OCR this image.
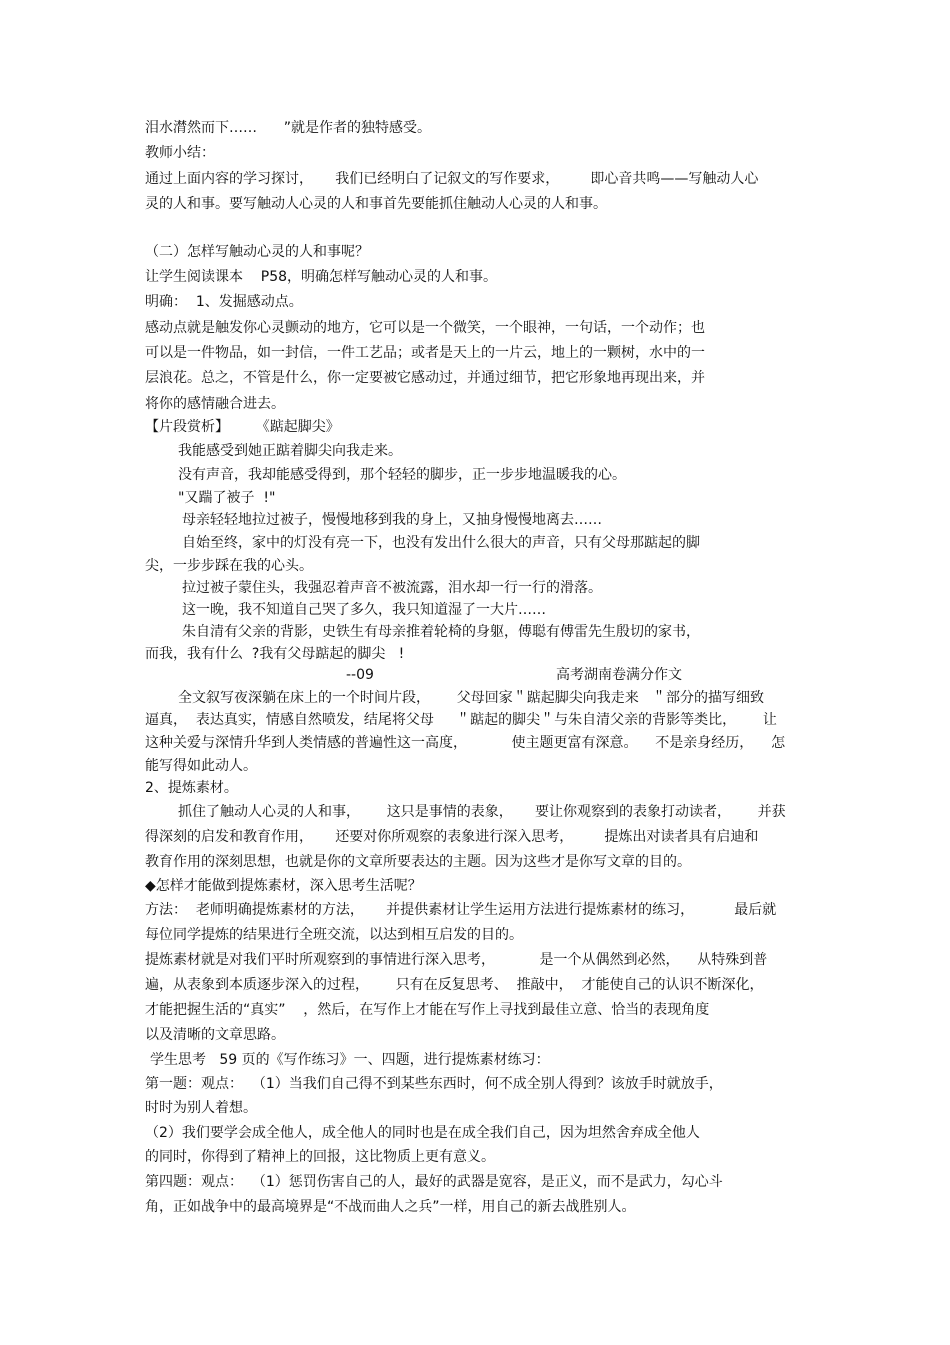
泪水潸然而下……      ”就是作者的独特感受。
教师小结：
通过上面内容的学习探讨，     我们已经明白了记叙文的写作要求，       即心音共鸣——写触动人心
灵的人和事。要写触动人心灵的人和事首先要能抓住触动人心灵的人和事。
（二）怎样写触动心灵的人和事呢？
让学生阅读课本    P58，明确怎样写触动心灵的人和事。
明确：  1、发掘感动点。
感动点就是触发你心灵颤动的地方，它可以是一个微笑，一个眼神，一句话，一个动作；也
可以是一件物品，如一封信，一件工艺品；或者是天上的一片云，地上的一颗树，水中的一
层浪花。总之，不管是什么，你一定要被它感动过，并通过细节，把它形象地再现出来，并
将你的感情融合进去。
【片段赏析】      《踮起脚尖》
我能感受到她正踮着脚尖向我走来。
没有声音，我却能感受得到，那个轻轻的脚步，正一步步地温暖我的心。
"又踹了被子  !"
母亲轻轻地拉过被子，慢慢地移到我的身上，又抽身慢慢地离去……
自始至终，家中的灯没有亮一下，也没有发出什么很大的声音，只有父母那踮起的脚
尖，一步步踩在我的心头。
拉过被子蒙住头，我强忍着声音不被流露，泪水却一行一行的滑落。
这一晚，我不知道自己哭了多久，我只知道湿了一大片……
朱自清有父亲的背影，史铁生有母亲推着轮椅的身躯，傅聪有傅雷先生殷切的家书，
而我，我有什么  ?我有父母踮起的脚尖   !
--09	高考湖南卷满分作文
全文叙写夜深躺在床上的一个时间片段，      父母回家＂踮起脚尖向我走来   ＂部分的描写细致
逼真，  表达真实，情感自然喷发，结尾将父母     ＂踮起的脚尖＂与朱自清父亲的背影等类比，      让
这种关爱与深情升华到人类情感的普遍性这一高度，          使主题更富有深意。    不是亲身经历，    怎
能写得如此动人。
2、提炼素材。
抓住了触动人心灵的人和事，      这只是事情的表象，     要让你观察到的表象打动读者，      并获
得深刻的启发和教育作用，     还要对你所观察的表象进行深入思考，       提炼出对读者具有启迪和
教育作用的深刻思想，也就是你的文章所要表达的主题。因为这些才是你写文章的目的。
◆怎样才能做到提炼素材，深入思考生活呢？
方法：  老师明确提炼素材的方法，     并提供素材让学生运用方法进行提炼素材的练习，         最后就
每位同学提炼的结果进行全班交流，以达到相互启发的目的。
提炼素材就是对我们平时所观察到的事情进行深入思考，          是一个从偶然到必然，    从特殊到普
遍，从表象到本质逐步深入的过程，      只有在反复思考、  推敲中，  才能使自己的认识不断深化，
才能把握生活的“真实”    ，然后，在写作上才能在写作上寻找到最佳立意、恰当的表现角度
以及清晰的文章思路。
学生思考   59 页的《写作练习》一、四题，进行提炼素材练习：
第一题：观点：  （1）当我们自己得不到某些东西时，何不成全别人得到？该放手时就放手，
时时为别人着想。
（2）我们要学会成全他人，成全他人的同时也是在成全我们自己，因为坦然舍弃成全他人
的同时，你得到了精神上的回报，这比物质上更有意义。
第四题：观点：  （1）惩罚伤害自己的人，最好的武器是宽容，是正义，而不是武力，勾心斗
角，正如战争中的最高境界是“不战而曲人之兵”一样，用自己的新去战胜别人。
